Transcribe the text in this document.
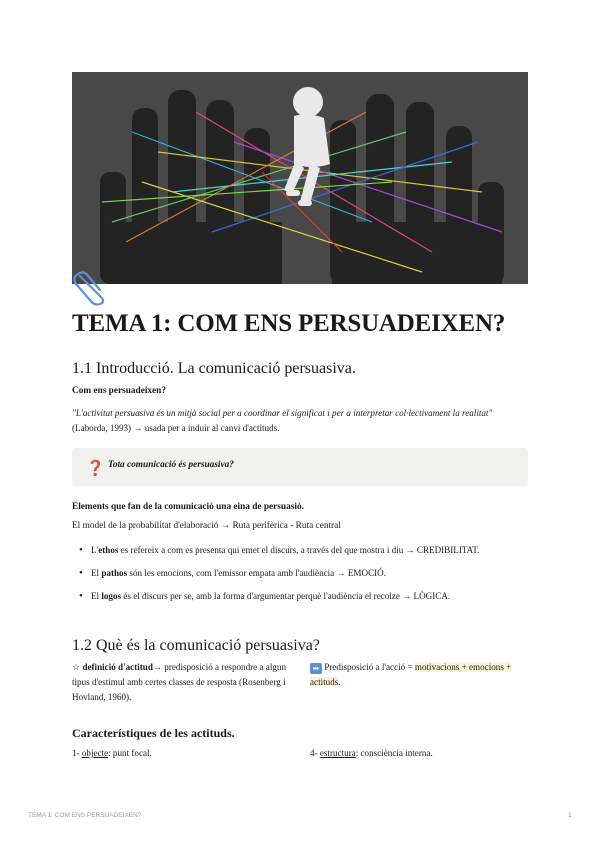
TEMA 1: COM ENS PERSUADEIXEN?
1.1 Introducció. La comunicació persuasiva.
Com ens persuadeixen?
"L'activitat persuasiva és un mitjà social per a coordinar el significat i per a interpretar col·lectivament la realitat" (Laborda, 1993) → usada per a induir al canvi d'actituds.
❓ Tota comunicació és persuasiva?
Elements que fan de la comunicació una eina de persuasió.
El model de la probabilitat d'elaboració → Ruta perifèrica - Ruta central
• L'ethos es refereix a com es presenta qui emet el discurs, a través del que mostra i diu → CREDIBILITAT.
• El pathos són les emocions, com l'emissor empata amb l'audiència → EMOCIÓ.
• El logos és el discurs per se, amb la forma d'argumentar perquè l'audiència el recolze → LÒGICA.
1.2 Què és la comunicació persuasiva?
☆ definició d'actitud→ predisposició a respondre a algun tipus d'estímul amb certes classes de resposta (Rosenberg i Hovland, 1960).
➡ Predisposició a l'acció = motivacions + emocions + actituds.
Característiques de les actituds.
1- objecte: punt focal.	4- estructura: consciència interna.
TEMA 1: COM ENS PERSUADEIXEN?	1
